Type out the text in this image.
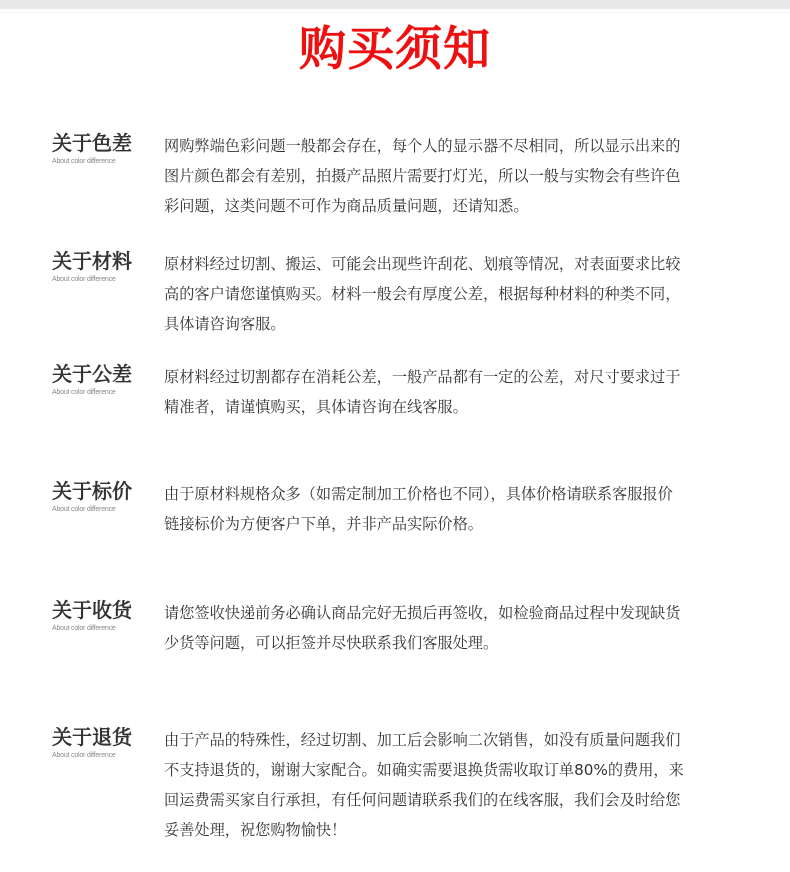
购买须知
关于色差
About color difference

网购弊端色彩问题一般都会存在，每个人的显示器不尽相同，所以显示出来的

图片颜色都会有差别，拍摄产品照片需要打灯光，所以一般与实物会有些许色

彩问题，这类问题不可作为商品质量问题，还请知悉。

关于材料
About color difference

原材料经过切割、搬运、可能会出现些许刮花、划痕等情况，对表面要求比较

高的客户请您谨慎购买。材料一般会有厚度公差，根据每种材料的种类不同，

具体请咨询客服。

关于公差
About color difference

原材料经过切割都存在消耗公差，一般产品都有一定的公差，对尺寸要求过于

精准者，请谨慎购买，具体请咨询在线客服。

关于标价
About color difference

由于原材料规格众多（如需定制加工价格也不同），具体价格请联系客服报价

链接标价为方便客户下单，并非产品实际价格。

关于收货
About color difference

请您签收快递前务必确认商品完好无损后再签收，如检验商品过程中发现缺货

少货等问题，可以拒签并尽快联系我们客服处理。

关于退货
About color difference

由于产品的特殊性，经过切割、加工后会影响二次销售，如没有质量问题我们

不支持退货的，谢谢大家配合。如确实需要退换货需收取订单80%的费用，来

回运费需买家自行承担，有任何问题请联系我们的在线客服，我们会及时给您

妥善处理，祝您购物愉快！
